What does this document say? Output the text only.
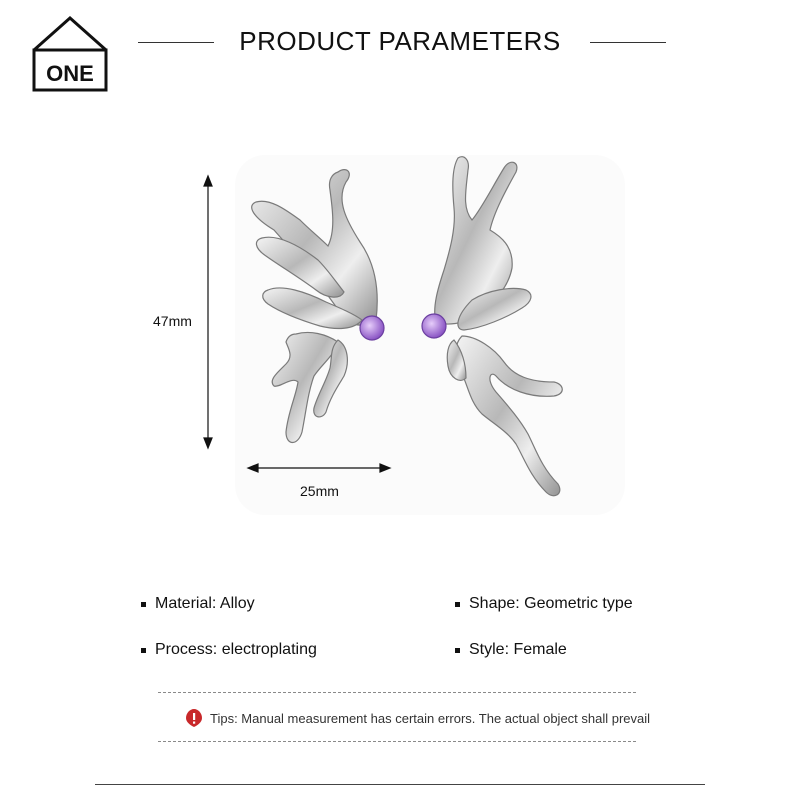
ONE
PRODUCT PARAMETERS
47mm
25mm
Material: Alloy	Shape: Geometric type
Process: electroplating	Style: Female
Tips: Manual measurement has certain errors. The actual object shall prevail
